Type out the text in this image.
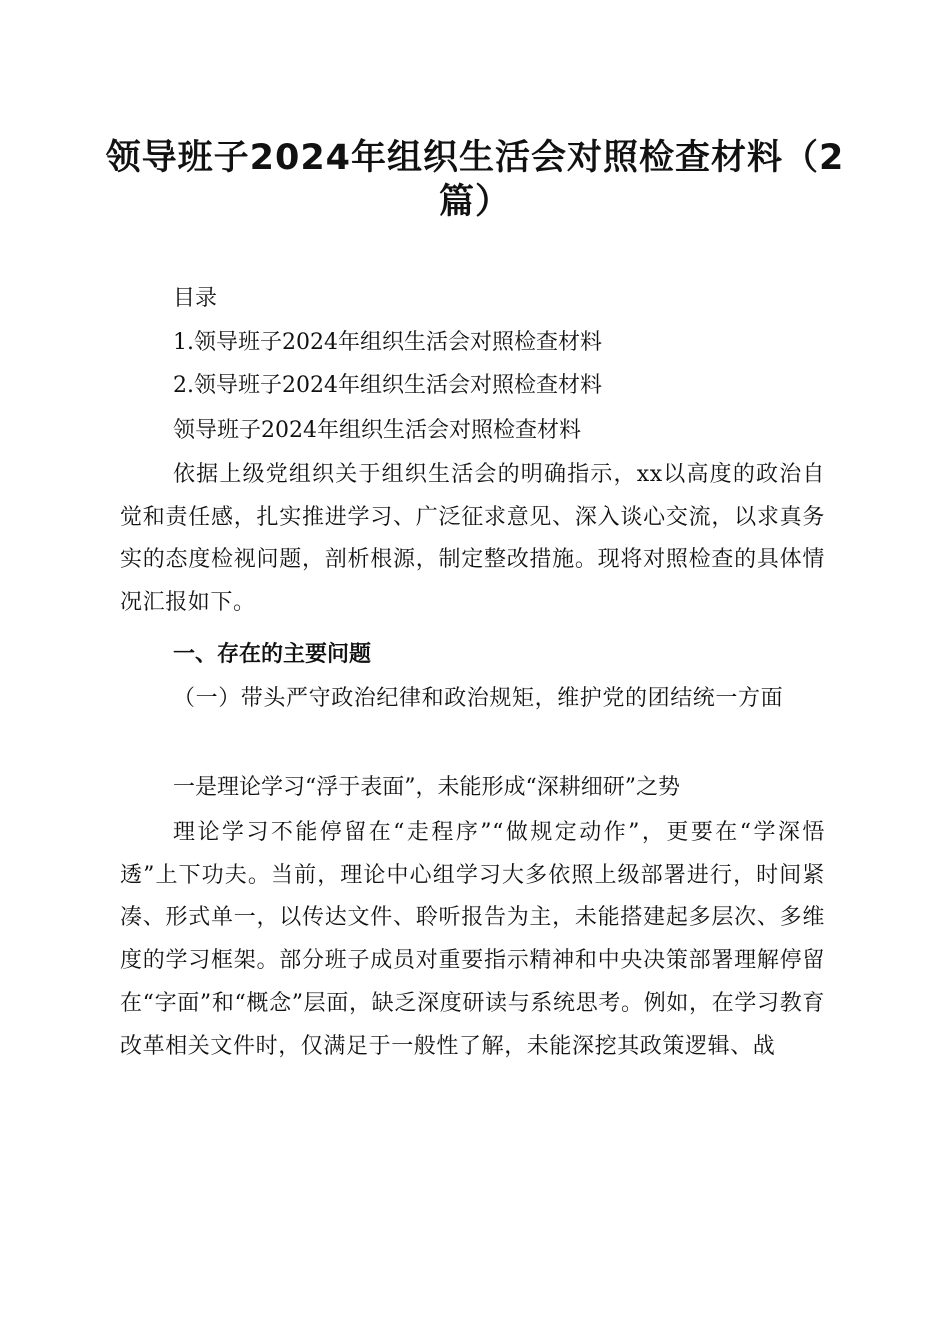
领导班子2024年组织生活会对照检查材料（2篇）

目录

1.领导班子2024年组织生活会对照检查材料

2.领导班子2024年组织生活会对照检查材料

领导班子2024年组织生活会对照检查材料

依据上级党组织关于组织生活会的明确指示，xx以高度的政治自觉和责任感，扎实推进学习、广泛征求意见、深入谈心交流，以求真务实的态度检视问题，剖析根源，制定整改措施。现将对照检查的具体情况汇报如下。

一、存在的主要问题

（一）带头严守政治纪律和政治规矩，维护党的团结统一方面

一是理论学习“浮于表面”，未能形成“深耕细研”之势

理论学习不能停留在“走程序”“做规定动作”，更要在“学深悟透”上下功夫。当前，理论中心组学习大多依照上级部署进行，时间紧凑、形式单一，以传达文件、聆听报告为主，未能搭建起多层次、多维度的学习框架。部分班子成员对重要指示精神和中央决策部署理解停留在“字面”和“概念”层面，缺乏深度研读与系统思考。例如，在学习教育改革相关文件时，仅满足于一般性了解，未能深挖其政策逻辑、战
